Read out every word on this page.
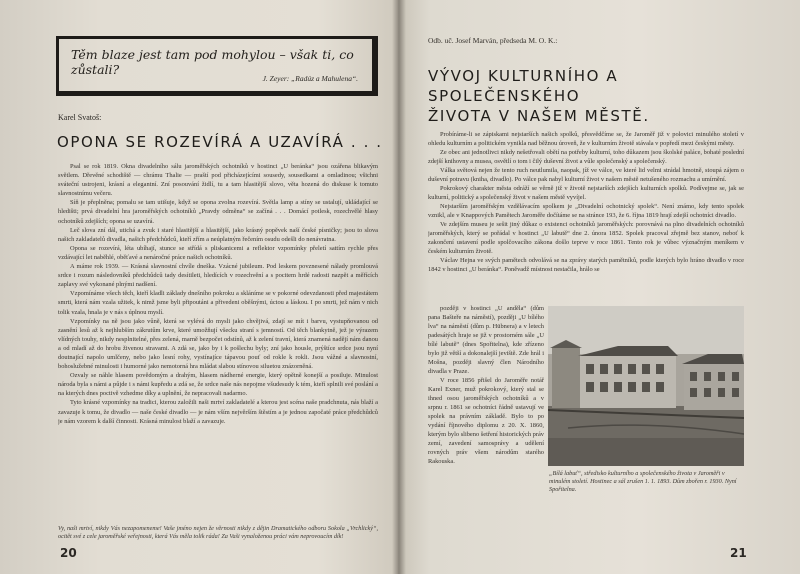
Těm blaze jest tam pod mohylou – však ti, co zůstali?
J. Zeyer: „Radúz a Mahulena“.
Karel Svatoš:
OPONA SE ROZEVÍRÁ A UZAVÍRÁ . . .

Psal se rok 1819. Okna divadelního sálu jaroměřských ochotníků v hostinci „U beránka“ jsou ozářena blikavým světlem. Dřevěné schodiště — chrámu Thalie — praští pod přicházejícími sousedy, sousedkami a omladinou; všichni sváteční ustrojeni, krásní a elegantní. Zní posouvání židlí, tu a tam hlasitější slovo, věta hozená do diskuse k tomuto slavnostnímu večeru.

Síň je přeplněna; pomalu se tam utišuje, když se opona zvolna rozevírá. Světla lamp a stíny se ustalují, ukládající se hledišti; prvá divadelní hra jaroměřských ochotníků „Pravdy odměna“ se začíná . . . Domácí potlesk, rozechvělé hlasy ochotníků zdejších; opona se uzavírá.

Leč slova zní dál, utichá a zvuk i staré hlasitější a hlasitější, jako krásný popěvek naší české písničky; jsou to slova našich zakladatelů divadla, našich předchůdců, kteří zřím a neúplatným řečením osudu odešli do nenávratna.

Opona se rozevírá, léta ubíhají, stunce se střídá s pliskanicemi a reflektor vzpomínky přeletí sattím rychle přes vzdávající let naběhlé, oběťavé a nenáročné práce našich ochotníků.

A máme rok 1939. — Krásná slavnostní chvíle dneška. Vzácné jubileum. Pod leskem povznesené nálady promlouvá srdce i rozum následovníků předchůdců tady desítileti, hledících v rozechvění a s pocitem hrdé radosti nazpět a měřících zaplavy své vykonané plnými nadšení.

Vzpomínáme všech těch, kteří kladli základy dnešního pokroku a skláníme se v pokorné odevzdanosti před majestátem smrti, která nám vzala užitek, k nimž jsme byli připoutáni a přivedeni oběšnými, úctou a láskou. I po smrti, jež nám v nich tolik vzala, hnala je v nás s úplnou myslí.

Vzpomínky na ně jsou jako vůně, která se vylévá do mysli jako chvějivá, zdají se mít i barvu, vystupňovanou od zasnění lesů až k nejhlubším zákrutům krve, které umožňují všecku straní s jemností. Od těch blankytně, jež je výrazem vlídných touhy, nikdy nesplnitelné, přes zelená, marně bezpočet odstínů, až k zelení travní, která znamená nadějí nám danou a od mladí až do hrobu živenou stravami. A zdá se, jako by i k pošlechu byly; zní jako housle, prýštíce srdce jsou nyní doutnající napolo umlčeny, nebo jako lesní rohy, vystínajíce tápavou pouť od rokle k rokli. Jsou vážné a slavnostní, bohoslužebné minulosti i humorné jako nemotorná hra mládat slabou stínovou siluetou znázorněná.

Ozvaly se náhle hlasem povědomým a drahým, hlasem nádherné energie, který opětně konejší a posiluje. Minulost národa byla s námi a půjde i s námi kupředu a zdá se, že srdce naše nás nepojme všudesudy k tém, kteří splnili své poslání a na kterých dnes poctivě vzhedme díky a uplnění, že nepracovali nadarmo.

Tyto krásné vzpomínky na tradici, kterou založili naši mrtví zakladatelé a kterou jest scéna naše pradchnuta, nás blaží a zavazuje k tomu, že divadlo — naše české divadlo — je nám vším nejvěrším štěstím a je jednou započaté práce předchůdců je nám vzorem k další činnosti. Krásná minulost blaží a zavazuje.

Vy, naši mrtví, nikdy Vás nezapomeneme! Vaše jméno nejen že věrnosti nikdy z dějin Dramatického odboru Sokola „Vrchlický“, ocitět své z cele jaroměřské veřejnosti, která Vás měla tolik ráda! Za Vaši vynaloženou práci vám neprovoucím dík!
20
Odb. uč. Josef Marván, předseda M. O. K.:
VÝVOJ KULTURNÍHO A SPOLEČENSKÉHO
ŽIVOTA V NAŠEM MĚSTĚ.

Probíráme-li se zápiskami nejstarších našich spolků, přesvědčíme se, že Jaroměř již v polovici minulého století v ohledu kulturním a politickém vynikla nad běžnou úroveň, že v kulturním životě stávala v popředí mezi českými městy.

Ze obec ani jednotlivci nikdy nešetřovali obětí na potřeby kulturní, toho důkazem jsou školské paláce, bohaté poslední zdejší knihovny a musea, osvětlí o tom i čilý duševní život a vůle společenský a společenský.

Válka světová nejen že tento ruch neutlumila, naopak, jíž ve válce, ve které lid velmi strádal hmotně, stoupá zájem o duševní potravu (kniha, divadlo). Po válce pak nabyl kulturní život v našem městě netušeného rozmachu a umírnění.

Pokrokový charakter města odráží se věrně již v životě nejstarších zdejších kulturních spolků. Podívejme se, jak se kulturní, politický a společenský život v našem městě vyvíjel.

Nejstarším jaroměřským vzdělávacím spolkem je „Divadelní ochotnický spolek“. Není známo, kdy tento spolek vznikl, ale v Knappových Pamětech Jaroměře dočítáme se na stránce 193, že 6. října 1819 hrají zdejší ochotníci divadlo.

Ve zdejším museu je sešit jiný důkaz o existenci ochotníků jaroměřských: porovnává na plno divadelních ochotníků jaroměřských, který se pořádal v hostinci „U labutě“ dne 2. února 1852. Spolek pracoval zřejmě bez stanov, neboť k zakončení ustavení podle spolčovacího zákona došlo teprve v roce 1861. Tento rok je vůbec význačným meníkem v českém kulturním životě.

Václav Hejna ve svých pamětech odvolává se na zprávy starých pamětníků, podle kterých bylo hráno divadlo v roce 1842 v hostinci „U beránka“. Poněvadž místnost nestačila, hrálo se

později v hostinci „U anděla“ (dům pana Bašteře na náměstí), později „U bílého lva“ na náměstí (dům p. Hübnera) a v letech padesátých hraje se již v prostorném sále „U bílé labutě“ (dnes Spořitelna), kde zřízeno bylo již větší a dokonalejší jeviště. Zde hrál i Mošna, později slavný člen Národního divadla v Praze.

V roce 1856 přišel do Jaroměře notář Karel Exner, muž pokrokový, který stal se ihned osou jaroměřských ochotníků a v srpnu r. 1861 se ochotníci řádně ustavují ve spolek na právním základě. Bylo to po vydání říjnového diplomu z 20. X. 1860, kterým bylo slibeno šetření historických práv zemí, zavedení samosprávy a udělení rovných práv všem národům starého Rakouska.

„Bílá labuť“, středisko kulturního a společenského života v Jaroměři v minulém století. Hostinec a sál zrušen 1. 1. 1893. Dům zbořen r. 1930. Nyní Spořitelna.
21
